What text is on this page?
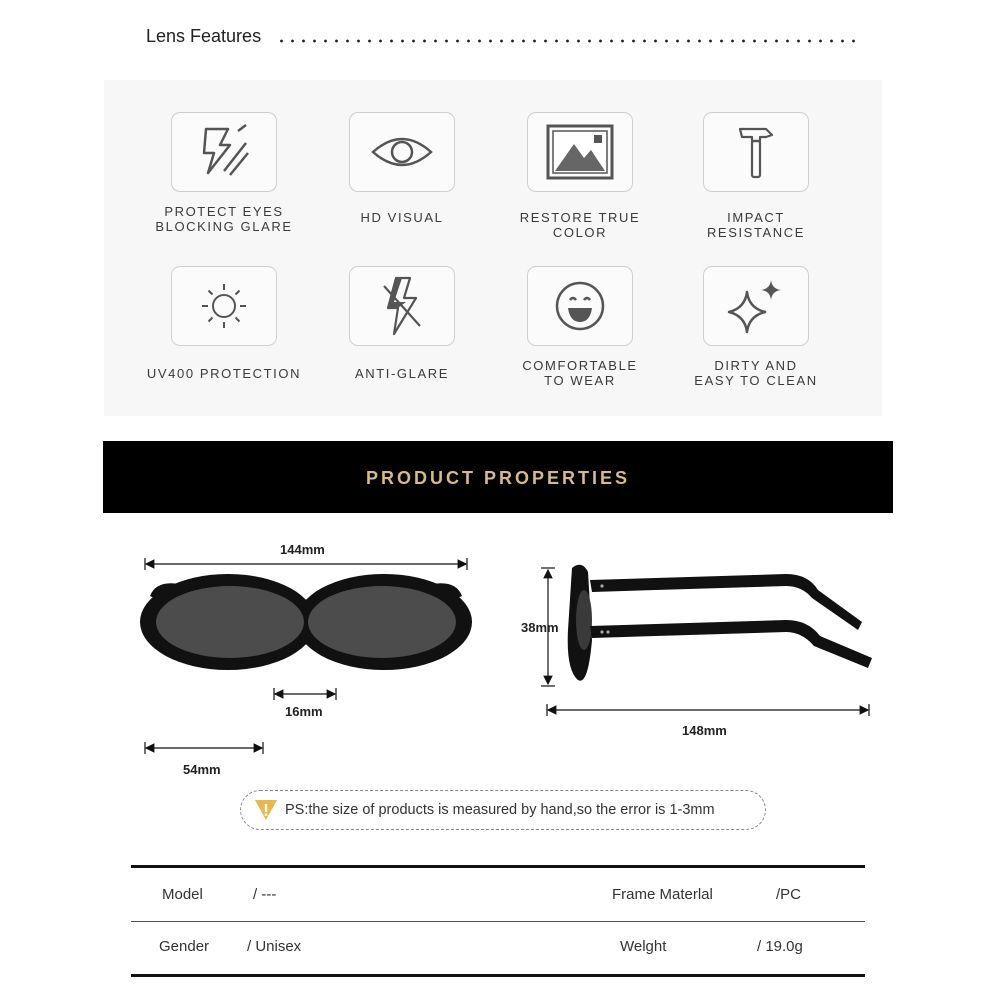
Lens Features
PROTECT EYES
BLOCKING GLARE
HD VISUAL	RESTORE TRUE COLOR
IMPACT RESISTANCE
UV400 PROTECTION	ANTI-GLARE
COMFORTABLE
TO WEAR
DIRTY AND
EASY TO CLEAN
PRODUCT PROPERTIES
144mm
16mm
54mm
38mm
148mm
PS:the size of products is measured by hand,so the error is 1-3mm
Model	/ ---	Frame Materlal	/PC
Gender	/ Unisex	Welght	/ 19.0g
